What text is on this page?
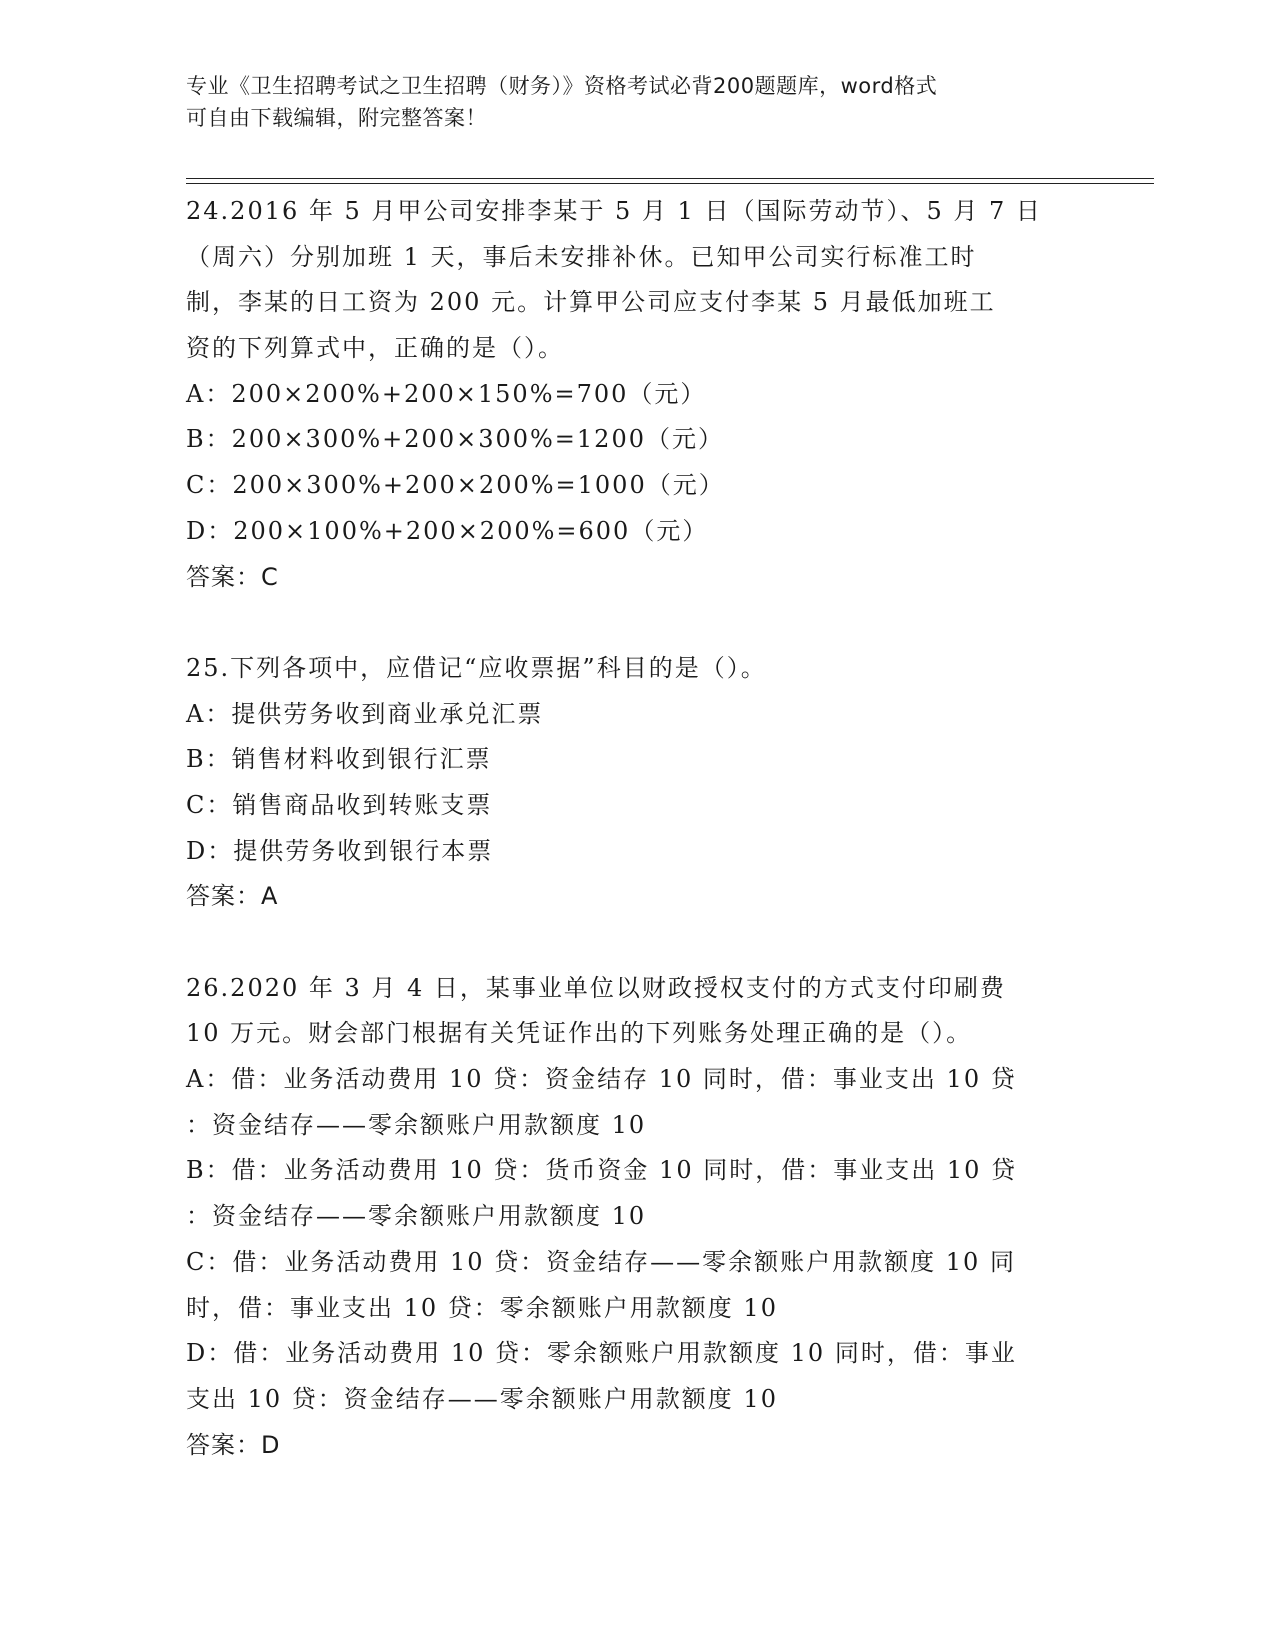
专业《卫生招聘考试之卫生招聘（财务）》资格考试必背200题题库，word格式
可自由下载编辑，附完整答案！
24.2016 年 5 月甲公司安排李某于 5 月 1 日（国际劳动节）、5 月 7 日
（周六）分别加班 1 天，事后未安排补休。已知甲公司实行标准工时
制，李某的日工资为 200 元。计算甲公司应支付李某 5 月最低加班工
资的下列算式中，正确的是（）。
A：200×200%+200×150%=700（元）
B：200×300%+200×300%=1200（元）
C：200×300%+200×200%=1000（元）
D：200×100%+200×200%=600（元）
答案：C
25.下列各项中，应借记“应收票据”科目的是（）。
A：提供劳务收到商业承兑汇票
B：销售材料收到银行汇票
C：销售商品收到转账支票
D：提供劳务收到银行本票
答案：A
26.2020 年 3 月 4 日，某事业单位以财政授权支付的方式支付印刷费
10 万元。财会部门根据有关凭证作出的下列账务处理正确的是（）。
A：借：业务活动费用 10 贷：资金结存 10 同时，借：事业支出 10 贷
：资金结存——零余额账户用款额度 10
B：借：业务活动费用 10 贷：货币资金 10 同时，借：事业支出 10 贷
：资金结存——零余额账户用款额度 10
C：借：业务活动费用 10 贷：资金结存——零余额账户用款额度 10 同
时，借：事业支出 10 贷：零余额账户用款额度 10
D：借：业务活动费用 10 贷：零余额账户用款额度 10 同时，借：事业
支出 10 贷：资金结存——零余额账户用款额度 10
答案：D
